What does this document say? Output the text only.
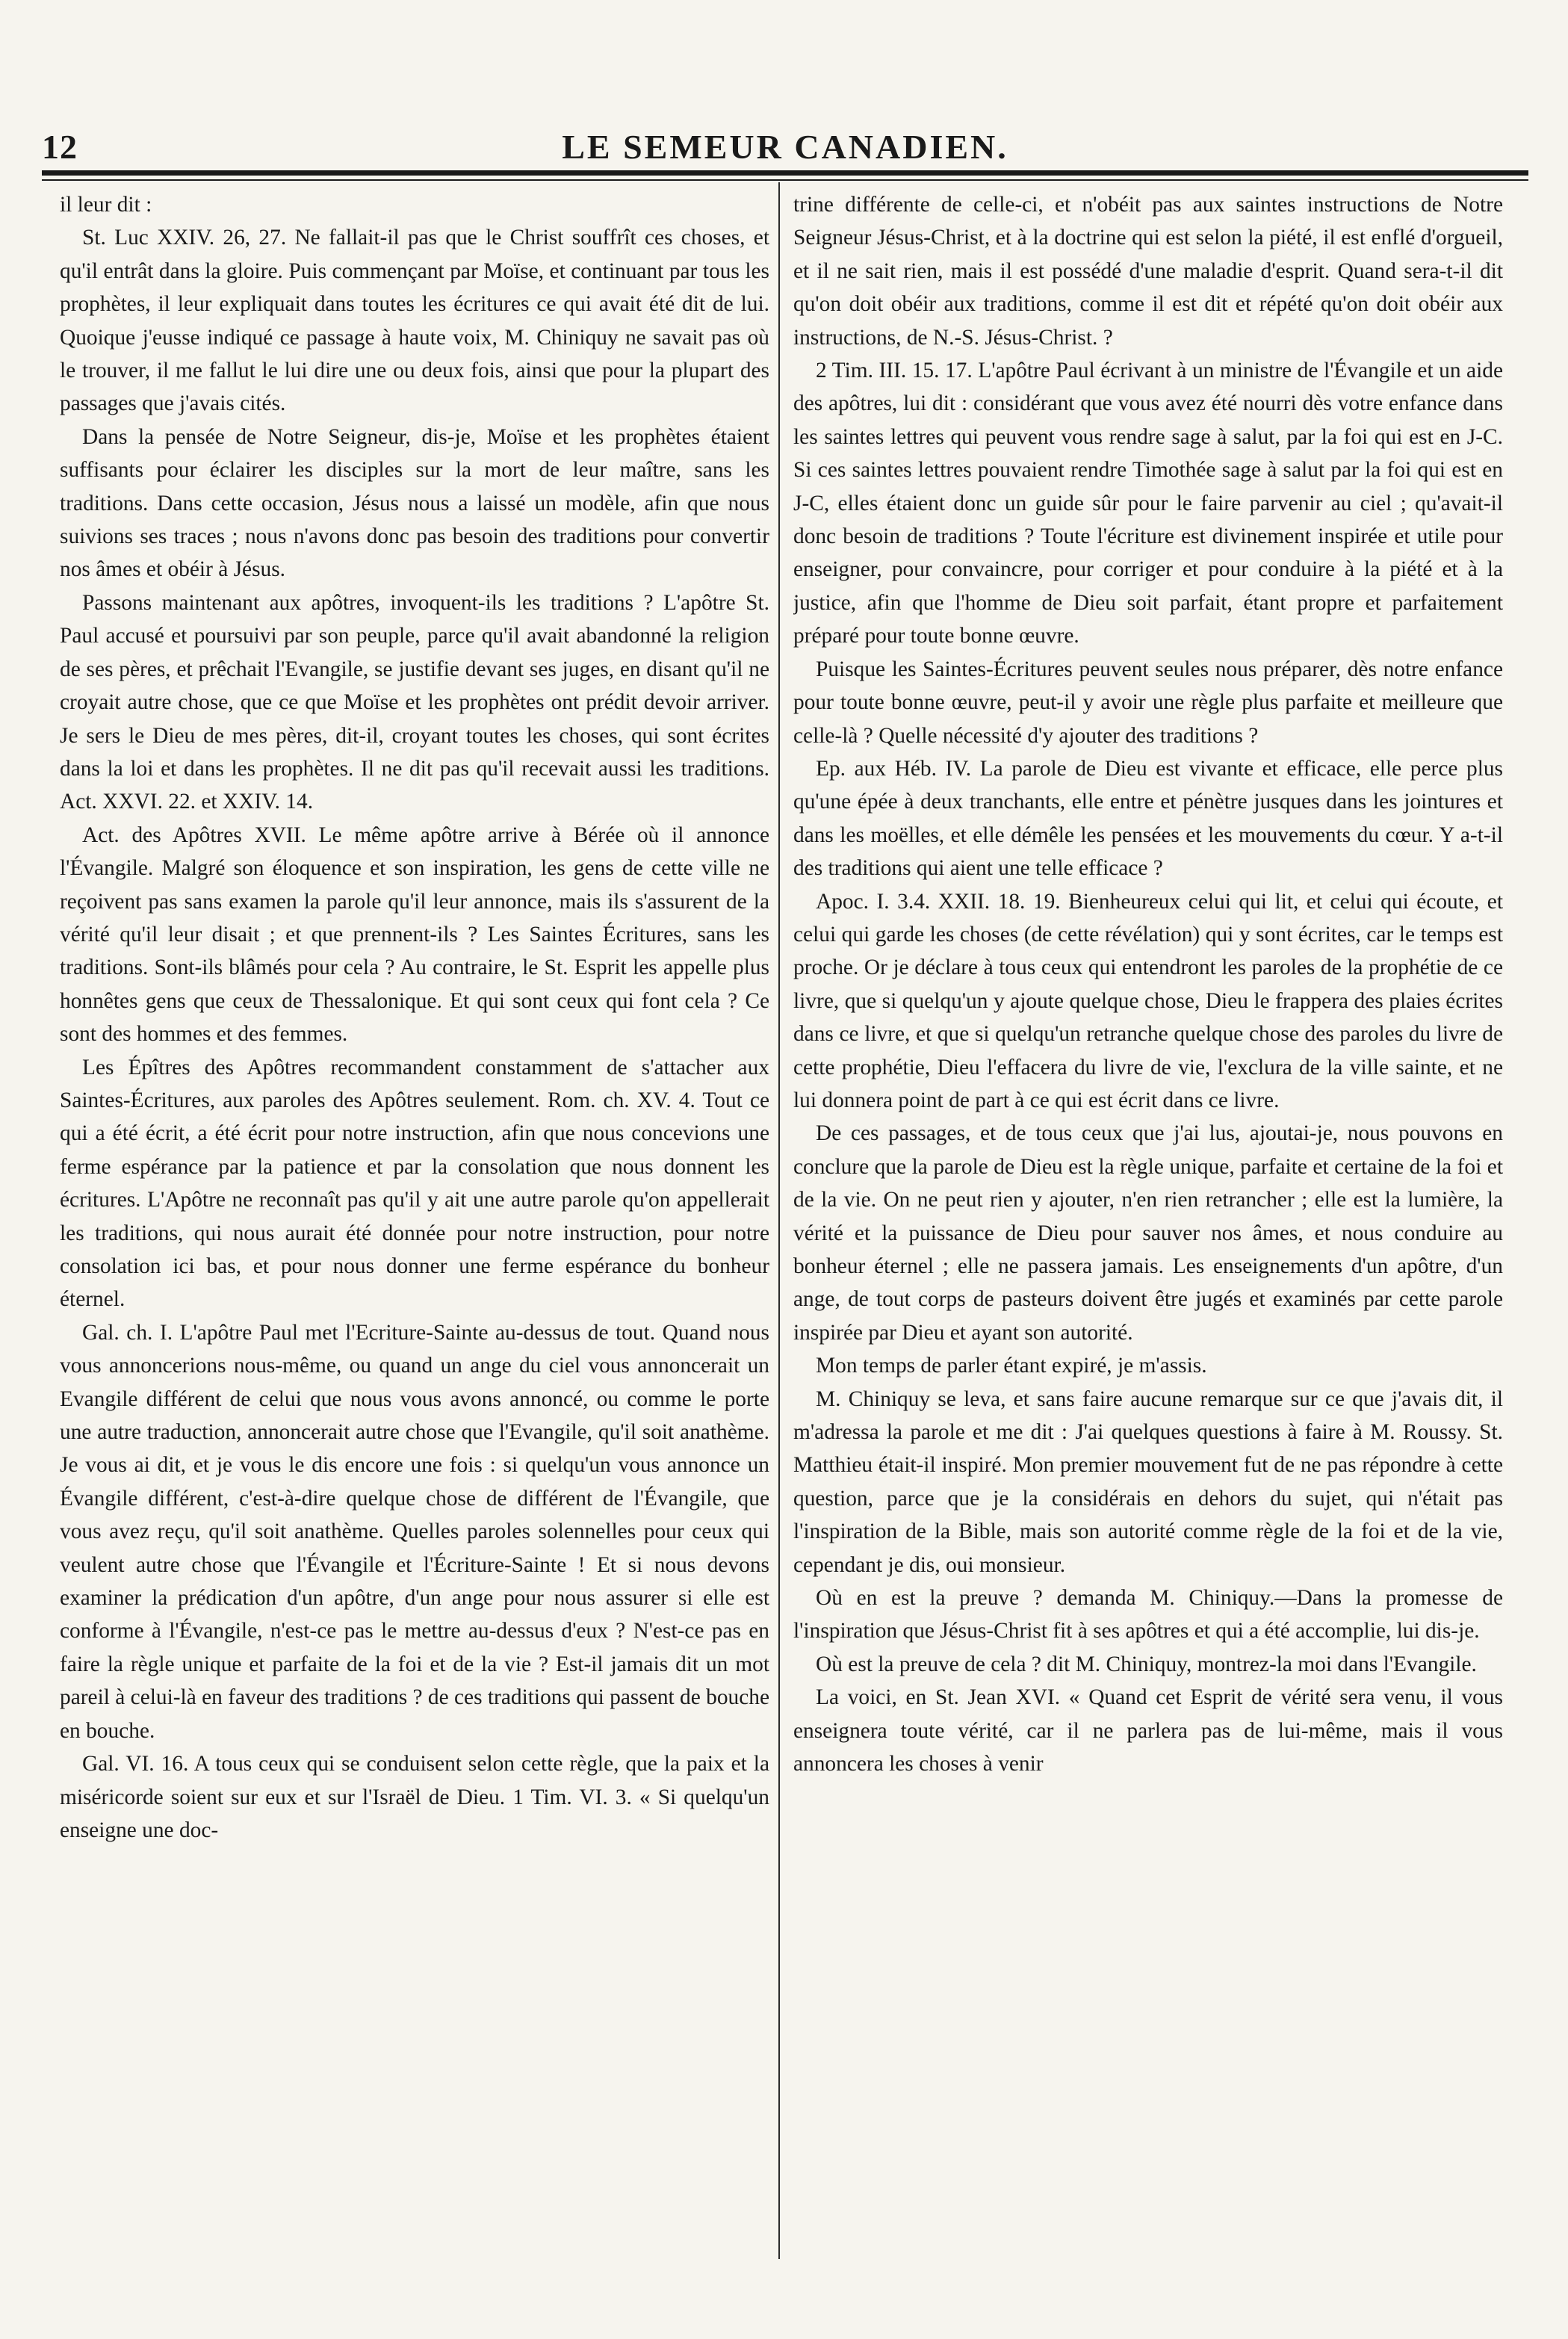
12	LE SEMEUR CANADIEN.

il leur dit :

St. Luc XXIV. 26, 27. Ne fallait-il pas que le Christ souffrît ces choses, et qu'il entrât dans la gloire. Puis commençant par Moïse, et continuant par tous les prophètes, il leur expliquait dans toutes les écritures ce qui avait été dit de lui. Quoique j'eusse indiqué ce passage à haute voix, M. Chiniquy ne savait pas où le trouver, il me fallut le lui dire une ou deux fois, ainsi que pour la plupart des passages que j'avais cités.

Dans la pensée de Notre Seigneur, dis-je, Moïse et les prophètes étaient suffisants pour éclairer les disciples sur la mort de leur maître, sans les traditions. Dans cette occasion, Jésus nous a laissé un modèle, afin que nous suivions ses traces ; nous n'avons donc pas besoin des traditions pour convertir nos âmes et obéir à Jésus.

Passons maintenant aux apôtres, invoquent-ils les traditions ? L'apôtre St. Paul accusé et poursuivi par son peuple, parce qu'il avait abandonné la religion de ses pères, et prêchait l'Evangile, se justifie devant ses juges, en disant qu'il ne croyait autre chose, que ce que Moïse et les prophètes ont prédit devoir arriver. Je sers le Dieu de mes pères, dit-il, croyant toutes les choses, qui sont écrites dans la loi et dans les prophètes. Il ne dit pas qu'il recevait aussi les traditions. Act. XXVI. 22. et XXIV. 14.

Act. des Apôtres XVII. Le même apôtre arrive à Bérée où il annonce l'Évangile. Malgré son éloquence et son inspiration, les gens de cette ville ne reçoivent pas sans examen la parole qu'il leur annonce, mais ils s'assurent de la vérité qu'il leur disait ; et que prennent-ils ? Les Saintes Écritures, sans les traditions. Sont-ils blâmés pour cela ? Au contraire, le St. Esprit les appelle plus honnêtes gens que ceux de Thessalonique. Et qui sont ceux qui font cela ? Ce sont des hommes et des femmes.

Les Épîtres des Apôtres recommandent constamment de s'attacher aux Saintes-Écritures, aux paroles des Apôtres seulement. Rom. ch. XV. 4. Tout ce qui a été écrit, a été écrit pour notre instruction, afin que nous concevions une ferme espérance par la patience et par la consolation que nous donnent les écritures. L'Apôtre ne reconnaît pas qu'il y ait une autre parole qu'on appellerait les traditions, qui nous aurait été donnée pour notre instruction, pour notre consolation ici bas, et pour nous donner une ferme espérance du bonheur éternel.

Gal. ch. I. L'apôtre Paul met l'Ecriture-Sainte au-dessus de tout. Quand nous vous annoncerions nous-même, ou quand un ange du ciel vous annoncerait un Evangile différent de celui que nous vous avons annoncé, ou comme le porte une autre traduction, annoncerait autre chose que l'Evangile, qu'il soit anathème. Je vous ai dit, et je vous le dis encore une fois : si quelqu'un vous annonce un Évangile différent, c'est-à-dire quelque chose de différent de l'Évangile, que vous avez reçu, qu'il soit anathème. Quelles paroles solennelles pour ceux qui veulent autre chose que l'Évangile et l'Écriture-Sainte ! Et si nous devons examiner la prédication d'un apôtre, d'un ange pour nous assurer si elle est conforme à l'Évangile, n'est-ce pas le mettre au-dessus d'eux ? N'est-ce pas en faire la règle unique et parfaite de la foi et de la vie ? Est-il jamais dit un mot pareil à celui-là en faveur des traditions ? de ces traditions qui passent de bouche en bouche.

Gal. VI. 16. A tous ceux qui se conduisent selon cette règle, que la paix et la miséricorde soient sur eux et sur l'Israël de Dieu. 1 Tim. VI. 3. « Si quelqu'un enseigne une doc-

trine différente de celle-ci, et n'obéit pas aux saintes instructions de Notre Seigneur Jésus-Christ, et à la doctrine qui est selon la piété, il est enflé d'orgueil, et il ne sait rien, mais il est possédé d'une maladie d'esprit. Quand sera-t-il dit qu'on doit obéir aux traditions, comme il est dit et répété qu'on doit obéir aux instructions, de N.-S. Jésus-Christ. ?

2 Tim. III. 15. 17. L'apôtre Paul écrivant à un ministre de l'Évangile et un aide des apôtres, lui dit : considérant que vous avez été nourri dès votre enfance dans les saintes lettres qui peuvent vous rendre sage à salut, par la foi qui est en J-C. Si ces saintes lettres pouvaient rendre Timothée sage à salut par la foi qui est en J-C, elles étaient donc un guide sûr pour le faire parvenir au ciel ; qu'avait-il donc besoin de traditions ? Toute l'écriture est divinement inspirée et utile pour enseigner, pour convaincre, pour corriger et pour conduire à la piété et à la justice, afin que l'homme de Dieu soit parfait, étant propre et parfaitement préparé pour toute bonne œuvre.

Puisque les Saintes-Écritures peuvent seules nous préparer, dès notre enfance pour toute bonne œuvre, peut-il y avoir une règle plus parfaite et meilleure que celle-là ? Quelle nécessité d'y ajouter des traditions ?

Ep. aux Héb. IV. La parole de Dieu est vivante et efficace, elle perce plus qu'une épée à deux tranchants, elle entre et pénètre jusques dans les jointures et dans les moëlles, et elle démêle les pensées et les mouvements du cœur. Y a-t-il des traditions qui aient une telle efficace ?

Apoc. I. 3.4. XXII. 18. 19. Bienheureux celui qui lit, et celui qui écoute, et celui qui garde les choses (de cette révélation) qui y sont écrites, car le temps est proche. Or je déclare à tous ceux qui entendront les paroles de la prophétie de ce livre, que si quelqu'un y ajoute quelque chose, Dieu le frappera des plaies écrites dans ce livre, et que si quelqu'un retranche quelque chose des paroles du livre de cette prophétie, Dieu l'effacera du livre de vie, l'exclura de la ville sainte, et ne lui donnera point de part à ce qui est écrit dans ce livre.

De ces passages, et de tous ceux que j'ai lus, ajoutai-je, nous pouvons en conclure que la parole de Dieu est la règle unique, parfaite et certaine de la foi et de la vie. On ne peut rien y ajouter, n'en rien retrancher ; elle est la lumière, la vérité et la puissance de Dieu pour sauver nos âmes, et nous conduire au bonheur éternel ; elle ne passera jamais. Les enseignements d'un apôtre, d'un ange, de tout corps de pasteurs doivent être jugés et examinés par cette parole inspirée par Dieu et ayant son autorité.

Mon temps de parler étant expiré, je m'assis.

M. Chiniquy se leva, et sans faire aucune remarque sur ce que j'avais dit, il m'adressa la parole et me dit : J'ai quelques questions à faire à M. Roussy. St. Matthieu était-il inspiré. Mon premier mouvement fut de ne pas répondre à cette question, parce que je la considérais en dehors du sujet, qui n'était pas l'inspiration de la Bible, mais son autorité comme règle de la foi et de la vie, cependant je dis, oui monsieur.

Où en est la preuve ? demanda M. Chiniquy.—Dans la promesse de l'inspiration que Jésus-Christ fit à ses apôtres et qui a été accomplie, lui dis-je.

Où est la preuve de cela ? dit M. Chiniquy, montrez-la moi dans l'Evangile.

La voici, en St. Jean XVI. « Quand cet Esprit de vérité sera venu, il vous enseignera toute vérité, car il ne parlera pas de lui-même, mais il vous annoncera les choses à venir
